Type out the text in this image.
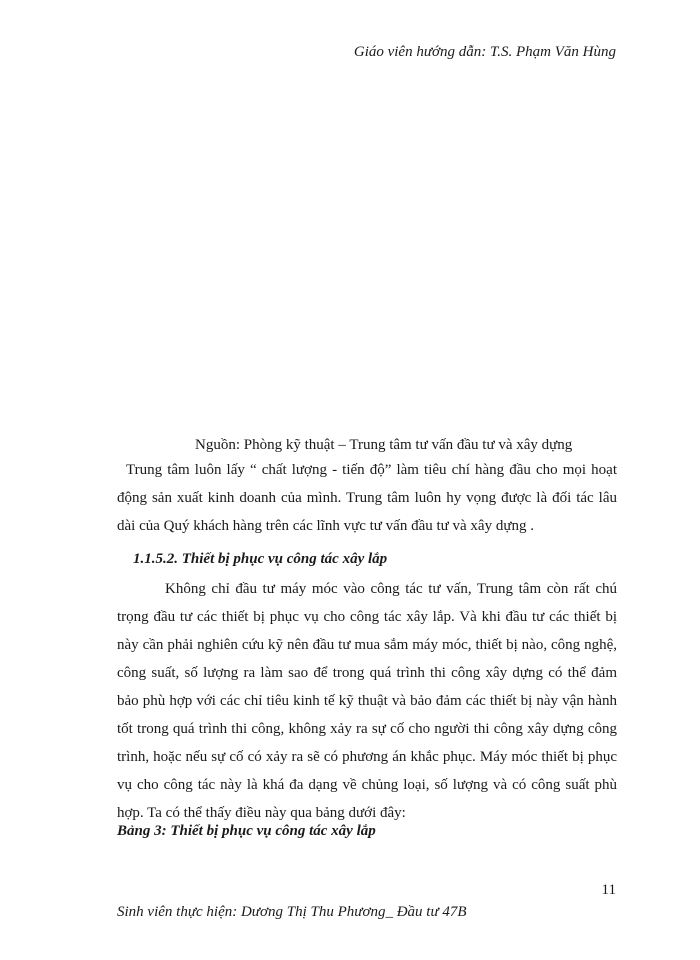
Giáo viên hướng dẫn: T.S. Phạm Văn Hùng
Nguồn: Phòng kỹ thuật – Trung tâm tư vấn đầu tư và xây dựng

Trung tâm luôn lấy “ chất lượng - tiến độ” làm tiêu chí hàng đầu cho mọi hoạt động sản xuất kinh doanh của mình. Trung tâm luôn hy vọng được là đối tác lâu dài của Quý khách hàng trên các lĩnh vực tư vấn đầu tư và xây dựng .

1.1.5.2. Thiết bị phục vụ công tác xây lắp

Không chỉ đầu tư máy móc vào công tác tư vấn, Trung tâm còn rất chú trọng đầu tư các thiết bị phục vụ cho công tác xây lắp. Và khi đầu tư các thiết bị này cần phải nghiên cứu kỹ nên đầu tư mua sắm máy móc, thiết bị nào, công nghệ, công suất, số lượng ra làm sao để trong quá trình thi công xây dựng có thể đảm bảo phù hợp với các chỉ tiêu kinh tế kỹ thuật và bảo đảm các thiết bị này vận hành tốt trong quá trình thi công, không xảy ra sự cố cho người thi công xây dựng công trình, hoặc nếu sự cố có xảy ra sẽ có phương án khắc phục. Máy móc thiết bị phục vụ cho công tác này là khá đa dạng về chủng loại, số lượng và có công suất phù hợp. Ta có thể thấy điều này qua bảng dưới đây:

Bảng 3: Thiết bị phục vụ công tác xây lắp
11
Sinh viên thực hiện: Dương Thị Thu Phương_ Đầu tư 47B
